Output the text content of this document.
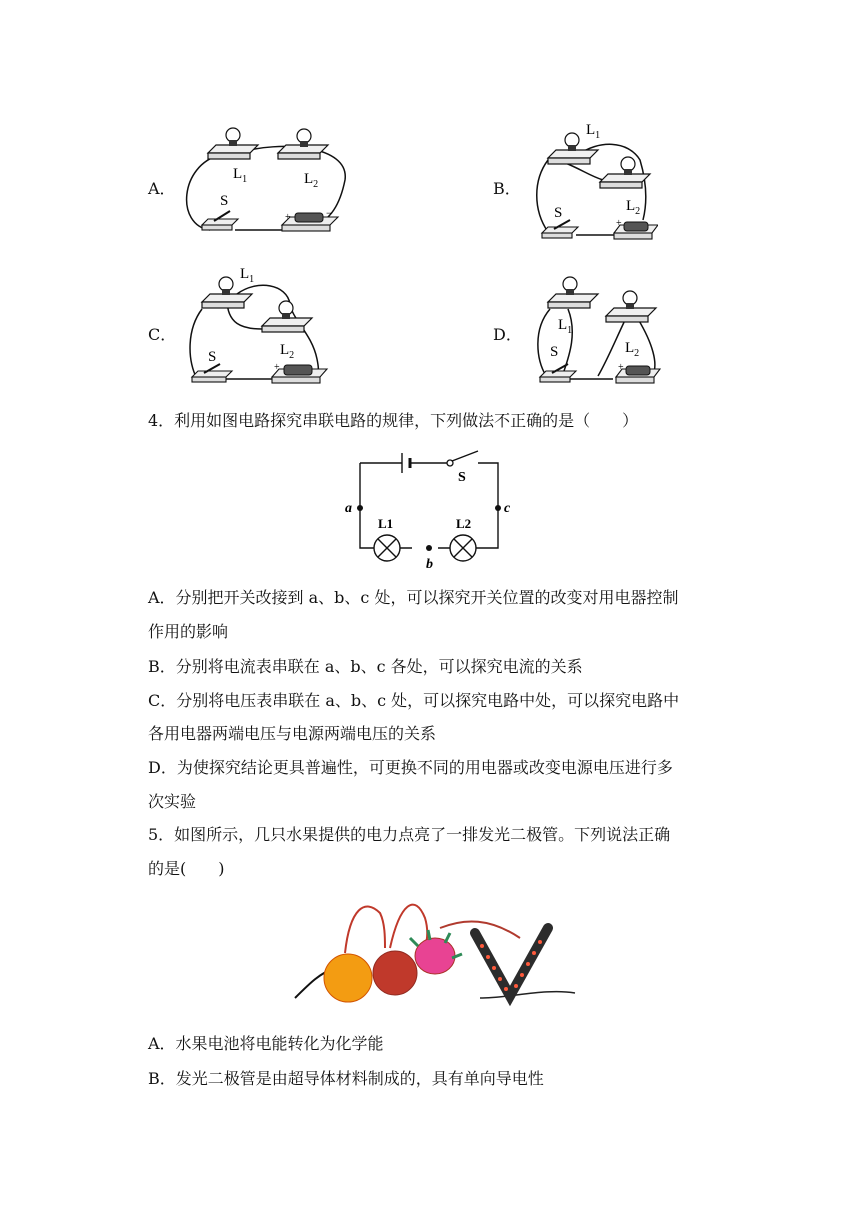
A．
$L_1$	$L_2$
S
+	−
B．
$L_1$
$L_2$
S
+
C．
$L_1$
$L_2$
S
+
D． $L_1$
$L_2$
S
+
4．利用如图电路探究串联电路的规律，下列做法不正确的是（　　）
S
a	c
b
L1	L2
A．分别把开关改接到 a、b、c 处，可以探究开关位置的改变对用电器控制
作用的影响
B．分别将电流表串联在 a、b、c 各处，可以探究电流的关系
C．分别将电压表串联在 a、b、c 处，可以探究电路中处，可以探究电路中
各用电器两端电压与电源两端电压的关系
D．为使探究结论更具普遍性，可更换不同的用电器或改变电源电压进行多
次实验
5．如图所示，几只水果提供的电力点亮了一排发光二极管。下列说法正确
的是(　　)
A．水果电池将电能转化为化学能
B．发光二极管是由超导体材料制成的，具有单向导电性
